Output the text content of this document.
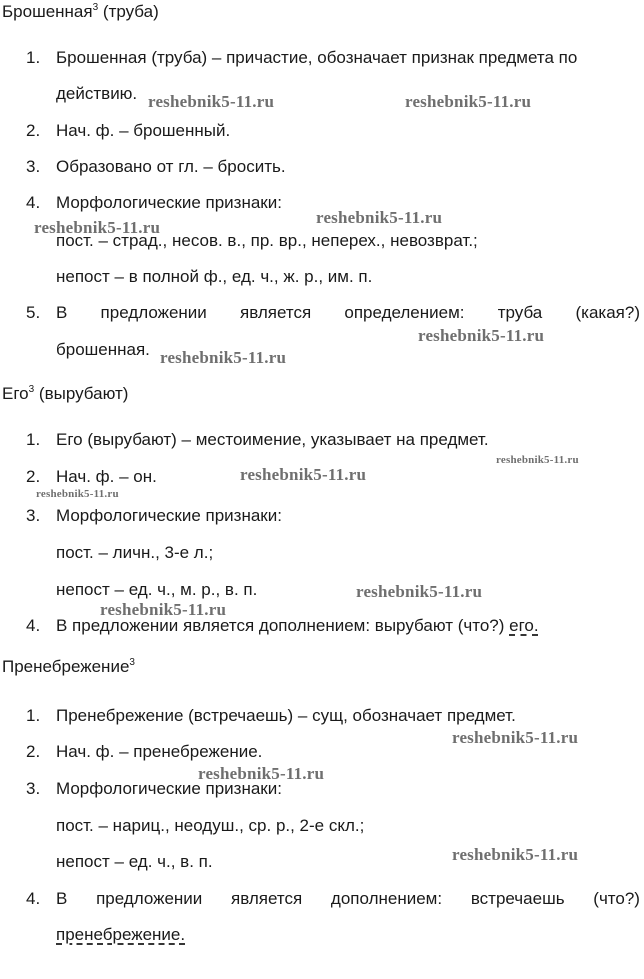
Брошенная$^3$ (труба)
1. Брошенная (труба) – причастие, обозначает признак предмета по
действию.
2. Нач. ф. – брошенный.
3. Образовано от гл. – бросить.
4. Морфологические признаки:
пост. – страд., несов. в., пр. вр., неперех., невозврат.;
непост – в полной ф., ед. ч., ж. р., им. п.
5. В предложении является определением: труба (какая?)
брошенная.
Его$^3$ (вырубают)
1. Его (вырубают) – местоимение, указывает на предмет.
2. Нач. ф. – он.
3. Морфологические признаки:
пост. – личн., 3-е л.;
непост – ед. ч., м. р., в. п.
4. В предложении является дополнением: вырубают (что?) его.
Пренебрежение$^3$
1. Пренебрежение (встречаешь) – сущ, обозначает предмет.
2. Нач. ф. – пренебрежение.
3. Морфологические признаки:
пост. – нариц., неодуш., ср. р., 2-е скл.;
непост – ед. ч., в. п.
4. В предложении является дополнением: встречаешь (что?)
пренебрежение.
reshebnik5-11.ru	reshebnik5-11.ru
reshebnik5-11.ru
reshebnik5-11.ru
reshebnik5-11.ru
reshebnik5-11.ru
reshebnik5-11.ru
reshebnik5-11.ru
reshebnik5-11.ru
reshebnik5-11.ru
reshebnik5-11.ru
reshebnik5-11.ru
reshebnik5-11.ru
reshebnik5-11.ru
